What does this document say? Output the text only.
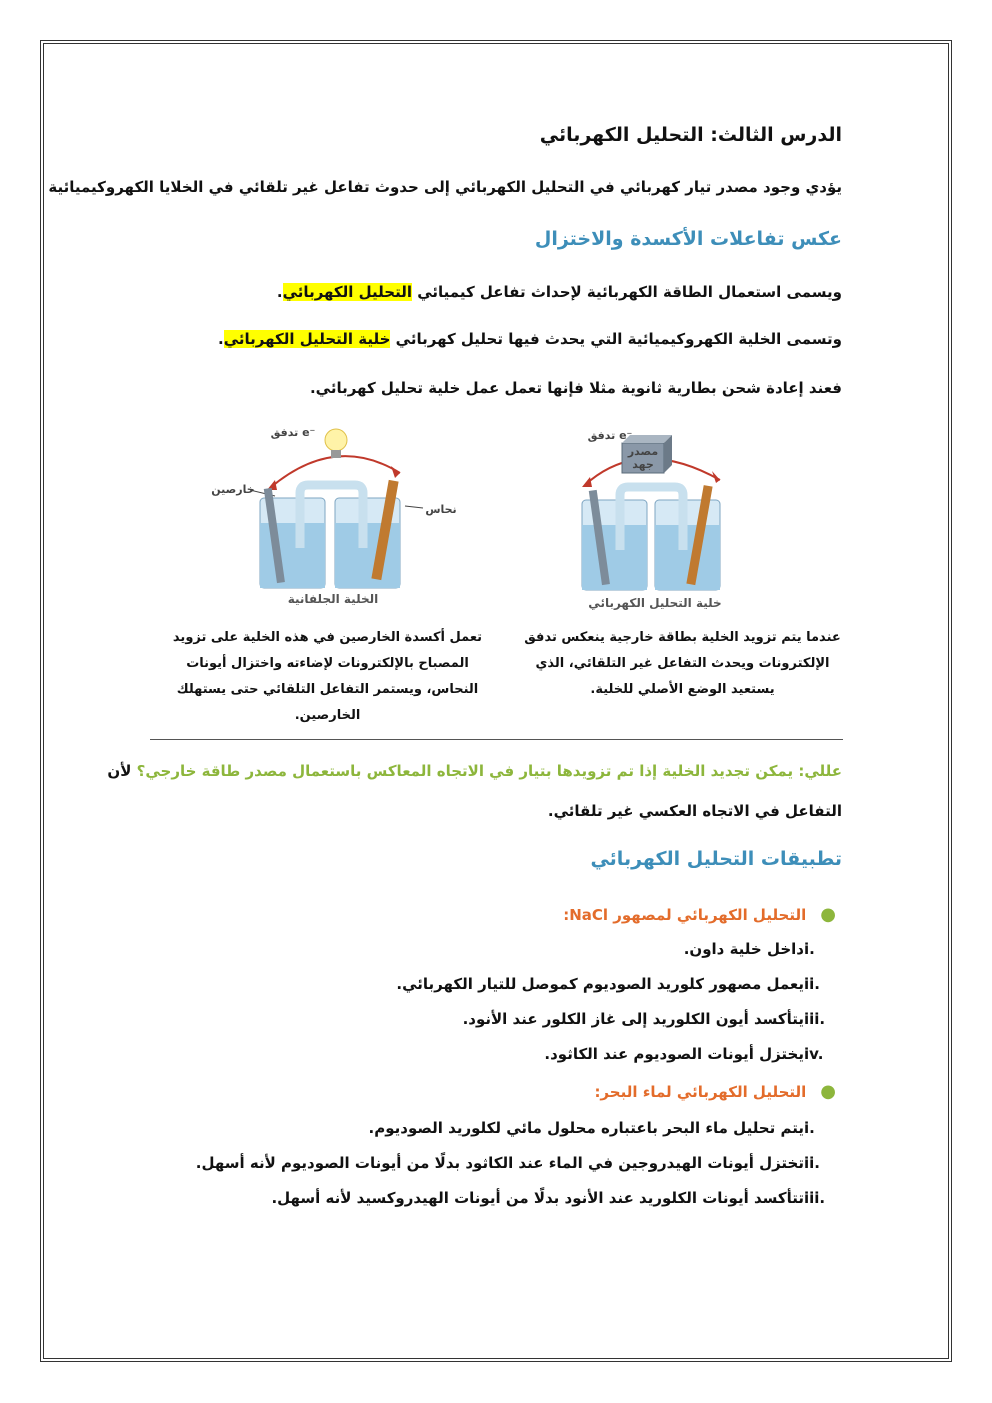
الدرس الثالث: التحليل الكهربائي
يؤدي وجود مصدر تيار كهربائي في التحليل الكهربائي إلى حدوث تفاعل غير تلقائي في الخلايا الكهروكيميائية
عكس تفاعلات الأكسدة والاختزال
ويسمى استعمال الطاقة الكهربائية لإحداث تفاعل كيميائي التحليل الكهربائي.
وتسمى الخلية الكهروكيميائية التي يحدث فيها تحليل كهربائي خلية التحليل الكهربائي.
فعند إعادة شحن بطارية ثانوية مثلا فإنها تعمل عمل خلية تحليل كهربائي.
مصدر
جهد
تدفق e⁻
خلية التحليل الكهربائي
تدفق e⁻
خارصين
نحاس
الخلية الجلفانية
عندما يتم تزويد الخلية بطاقة خارجية ينعكس تدفق الإلكترونات ويحدث التفاعل غير التلقائي، الذي يستعيد الوضع الأصلي للخلية.
تعمل أكسدة الخارصين في هذه الخلية على تزويد المصباح بالإلكترونات لإضاءته واختزال أيونات النحاس، ويستمر التفاعل التلقائي حتى يستهلك الخارصين.
عللي: يمكن تجديد الخلية إذا تم تزويدها بتيار في الاتجاه المعاكس باستعمال مصدر طاقة خارجي؟ لأن
التفاعل في الاتجاه العكسي غير تلقائي.
تطبيقات التحليل الكهربائي
●التحليل الكهربائي لمصهور NaCl:
i.داخل خلية داون.
ii.يعمل مصهور كلوريد الصوديوم كموصل للتيار الكهربائي.
iii.يتأكسد أيون الكلوريد إلى غاز الكلور عند الأنود.
iv.يختزل أيونات الصوديوم عند الكاثود.
●التحليل الكهربائي لماء البحر:
i.يتم تحليل ماء البحر باعتباره محلول مائي لكلوريد الصوديوم.
ii.تختزل أيونات الهيدروجين في الماء عند الكاثود بدلًا من أيونات الصوديوم لأنه أسهل.
iii.تتأكسد أيونات الكلوريد عند الأنود بدلًا من أيونات الهيدروكسيد لأنه أسهل.
